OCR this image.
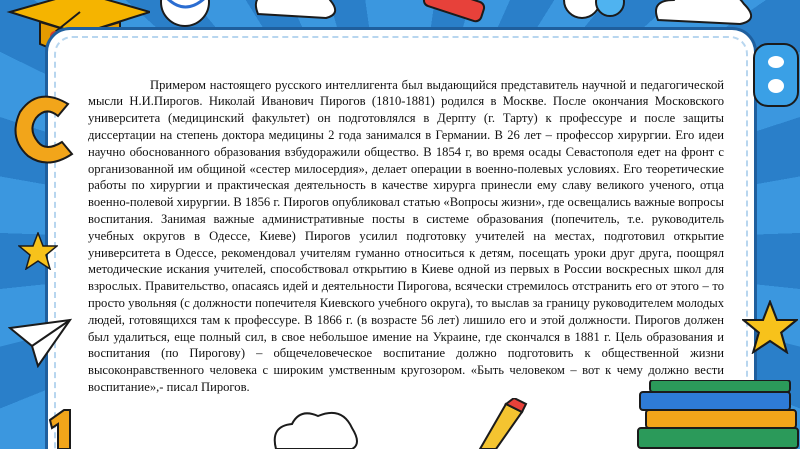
Примером настоящего русского интеллигента был выдающийся представитель научной и педагогической мысли Н.И.Пирогов. Николай Иванович Пирогов (1810-1881) родился в Москве. После окончания Московского университета (медицинский факультет) он подготовлялся в Дерпту (г. Тарту) к профессуре и после защиты диссертации на степень доктора медицины 2 года занимался в Германии. В 26 лет – профессор хирургии. Его идеи научно обоснованного образования взбудоражили общество. В 1854 г, во время осады Севастополя едет на фронт с организованной им общиной «сестер милосердия», делает операции в военно-полевых условиях. Его теоретические работы по хирургии и практическая деятельность в качестве хирурга принесли ему славу великого ученого, отца военно-полевой хирургии. В 1856 г. Пирогов опубликовал статью «Вопросы жизни», где освещались важные вопросы воспитания. Занимая важные административные посты в системе образования (попечитель, т.е. руководитель учебных округов в Одессе, Киеве) Пирогов усилил подготовку учителей на местах, подготовил открытие университета в Одессе, рекомендовал учителям гуманно относиться к детям, посещать уроки друг друга, поощрял методические искания учителей, способствовал открытию в Киеве одной из первых в России воскресных школ для взрослых. Правительство, опасаясь идей и деятельности Пирогова, всячески стремилось отстранить его от этого – то просто увольняя (с должности попечителя Киевского учебного округа), то выслав за границу руководителем молодых людей, готовящихся там к профессуре. В 1866 г. (в возрасте 56 лет) лишило его и этой должности. Пирогов должен был удалиться, еще полный сил, в свое небольшое имение на Украине, где скончался в 1881 г. Цель образования и воспитания (по Пирогову) – общечеловеческое воспитание должно подготовить к общественной жизни высоконравственного человека с широким умственным кругозором. «Быть человеком – вот к чему должно вести воспитание»,- писал Пирогов.
